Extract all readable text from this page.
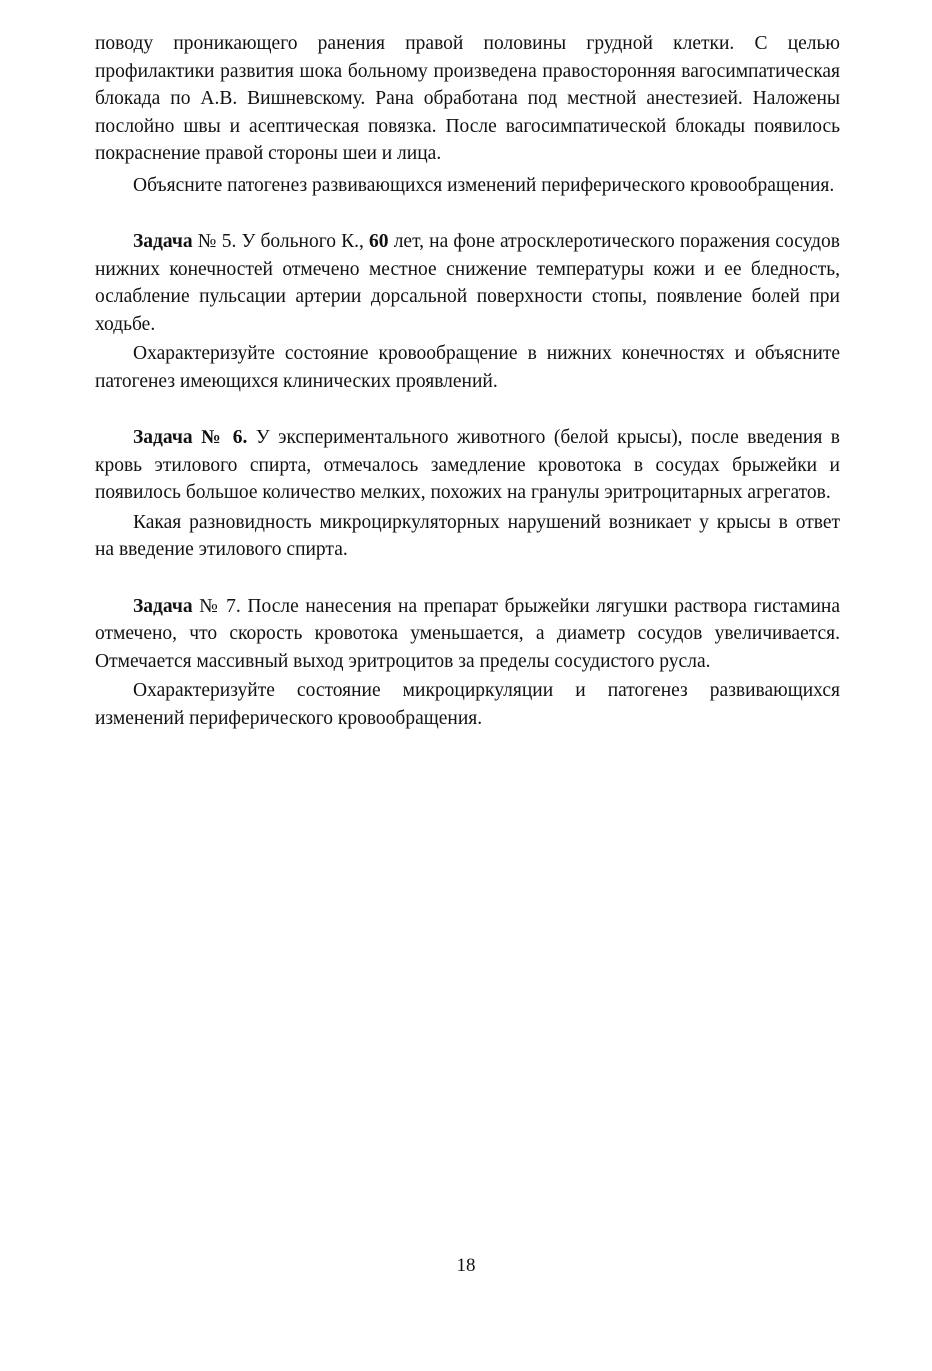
поводу проникающего ранения правой половины грудной клетки. С целью профилактики развития шока больному произведена правосторонняя вагосимпатическая блокада по А.В. Вишневскому. Рана обработана под местной анестезией. Наложены послойно швы и асептическая повязка. После вагосимпатической блокады появилось покраснение правой стороны шеи и лица.

Объясните патогенез развивающихся изменений периферического кровообращения.

Задача № 5. У больного К., 60 лет, на фоне атросклеротического поражения сосудов нижних конечностей отмечено местное снижение температуры кожи и ее бледность, ослабление пульсации артерии дорсальной поверхности стопы, появление болей при ходьбе.

Охарактеризуйте состояние кровообращение в нижних конечностях и объясните патогенез имеющихся клинических проявлений.

Задача № 6. У экспериментального животного (белой крысы), после введения в кровь этилового спирта, отмечалось замедление кровотока в сосудах брыжейки и появилось большое количество мелких, похожих на гранулы эритроцитарных агрегатов.

Какая разновидность микроциркуляторных нарушений возникает у крысы в ответ на введение этилового спирта.

Задача № 7. После нанесения на препарат брыжейки лягушки раствора гистамина отмечено, что скорость кровотока уменьшается, а диаметр сосудов увеличивается. Отмечается массивный выход эритроцитов за пределы сосудистого русла.

Охарактеризуйте состояние микроциркуляции и патогенез развивающихся изменений периферического кровообращения.

18
